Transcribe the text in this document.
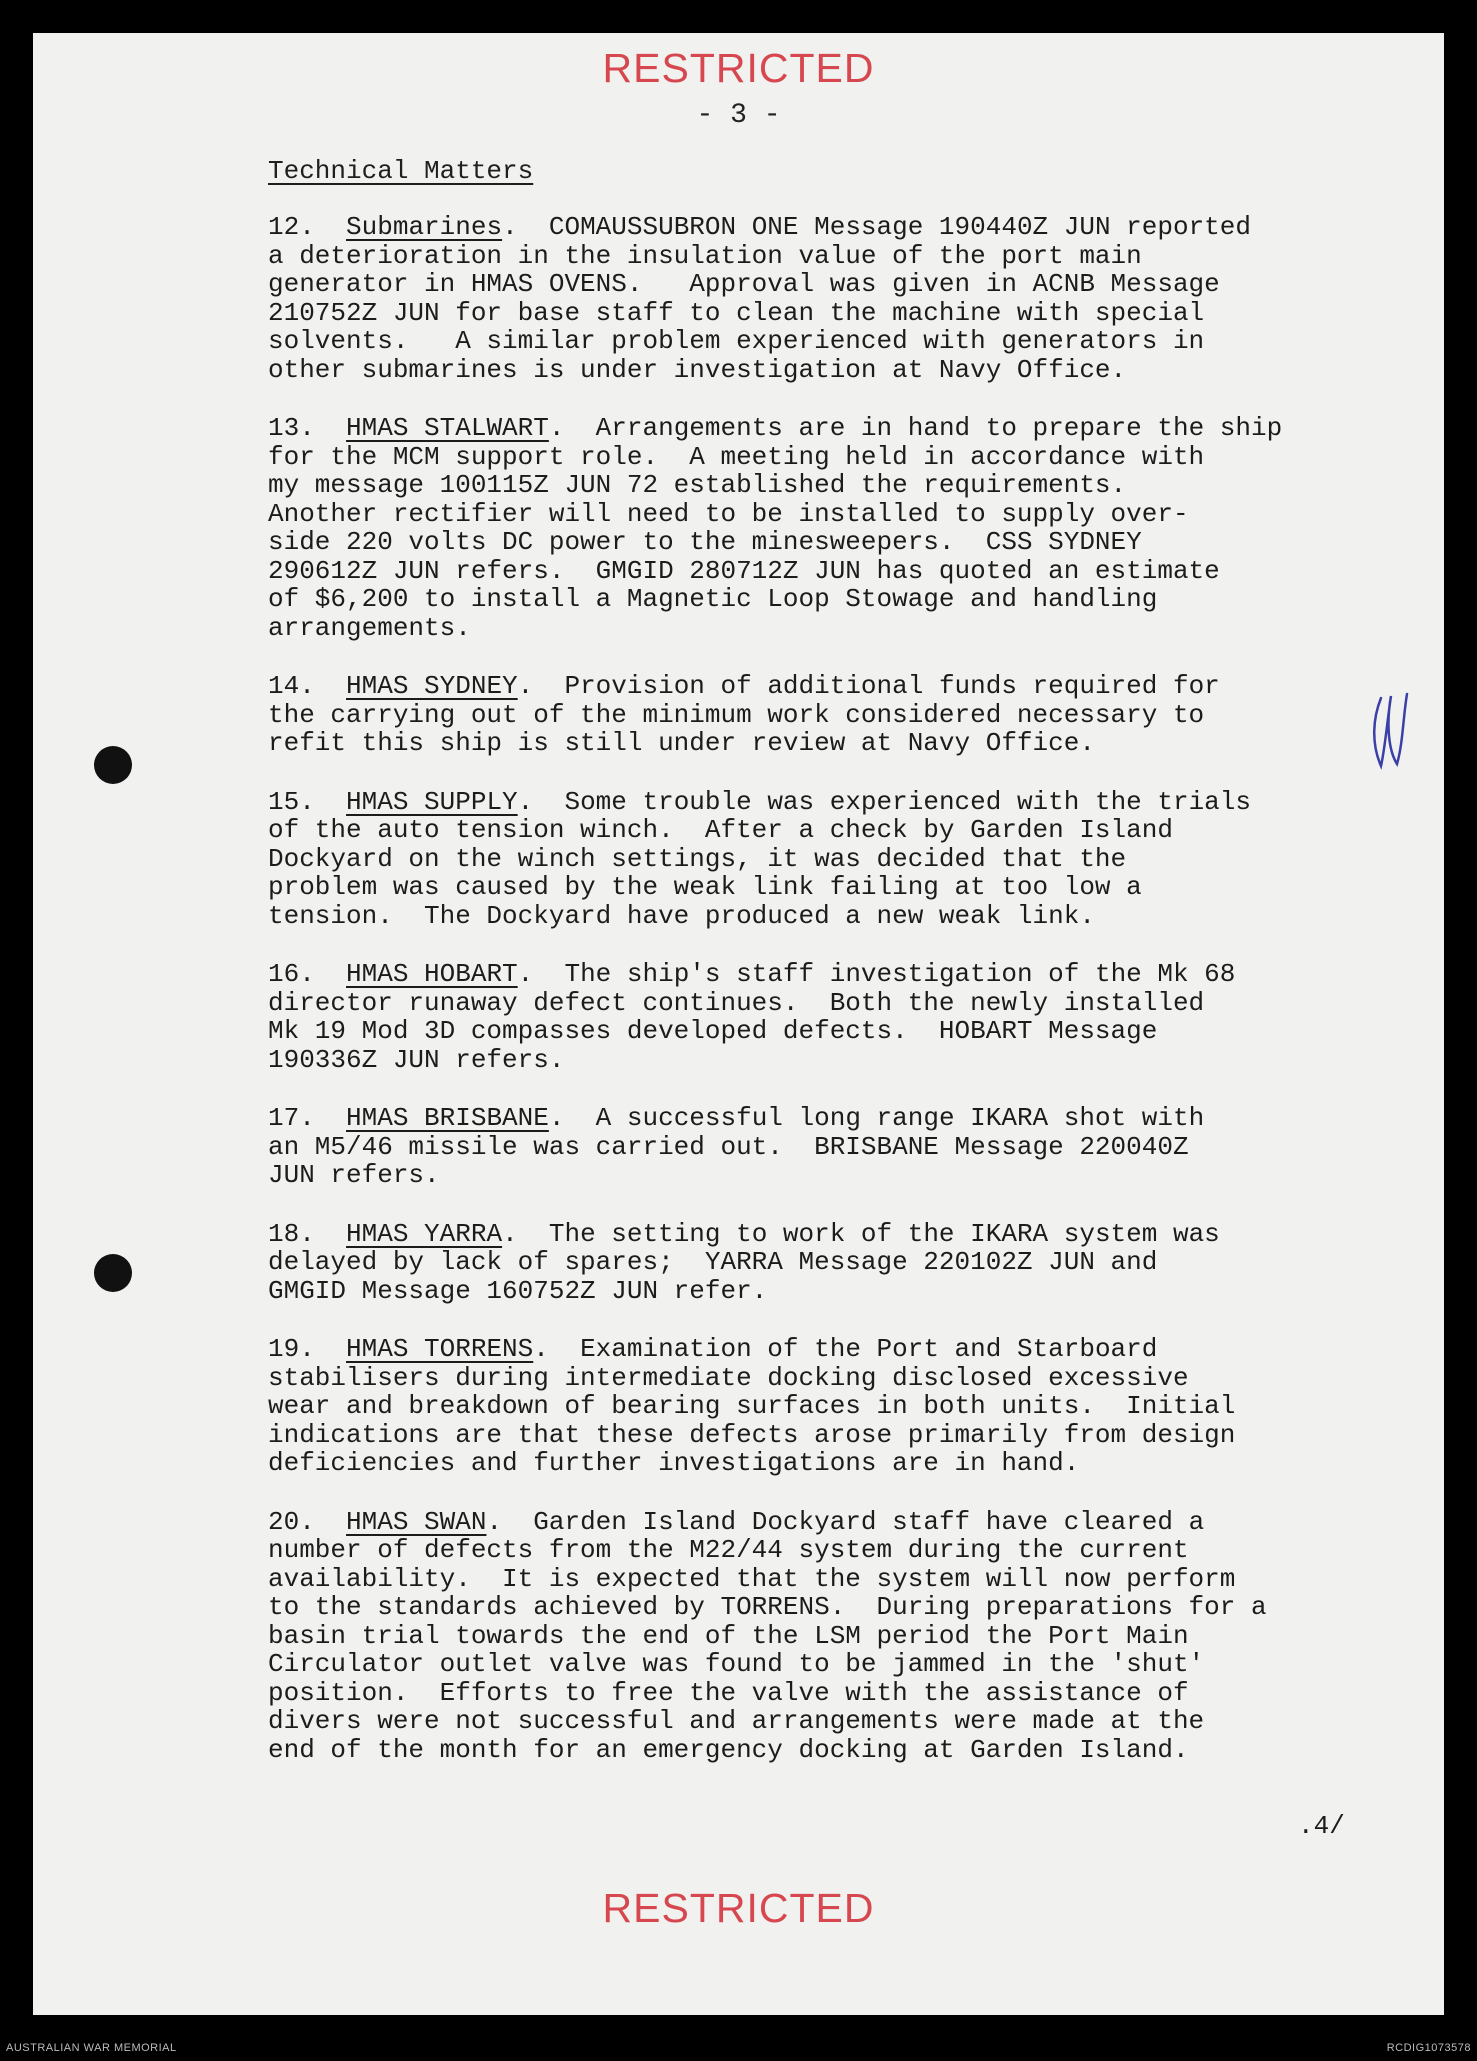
RESTRICTED
- 3 -
Technical Matters
12. Submarines.  COMAUSSUBRON ONE Message 190440Z JUN reported
a deterioration in the insulation value of the port main
generator in HMAS OVENS.   Approval was given in ACNB Message
210752Z JUN for base staff to clean the machine with special
solvents.   A similar problem experienced with generators in
other submarines is under investigation at Navy Office.
13. HMAS STALWART.  Arrangements are in hand to prepare the ship
for the MCM support role.  A meeting held in accordance with
my message 100115Z JUN 72 established the requirements.
Another rectifier will need to be installed to supply over-
side 220 volts DC power to the minesweepers.  CSS SYDNEY
290612Z JUN refers.  GMGID 280712Z JUN has quoted an estimate
of $6,200 to install a Magnetic Loop Stowage and handling
arrangements.
14. HMAS SYDNEY.  Provision of additional funds required for
the carrying out of the minimum work considered necessary to
refit this ship is still under review at Navy Office.
15. HMAS SUPPLY.  Some trouble was experienced with the trials
of the auto tension winch.  After a check by Garden Island
Dockyard on the winch settings, it was decided that the
problem was caused by the weak link failing at too low a
tension.  The Dockyard have produced a new weak link.
16. HMAS HOBART.  The ship's staff investigation of the Mk 68
director runaway defect continues.  Both the newly installed
Mk 19 Mod 3D compasses developed defects.  HOBART Message
190336Z JUN refers.
17. HMAS BRISBANE.  A successful long range IKARA shot with
an M5/46 missile was carried out.  BRISBANE Message 220040Z
JUN refers.
18. HMAS YARRA.  The setting to work of the IKARA system was
delayed by lack of spares;  YARRA Message 220102Z JUN and
GMGID Message 160752Z JUN refer.
19. HMAS TORRENS.  Examination of the Port and Starboard
stabilisers during intermediate docking disclosed excessive
wear and breakdown of bearing surfaces in both units.  Initial
indications are that these defects arose primarily from design
deficiencies and further investigations are in hand.
20. HMAS SWAN.  Garden Island Dockyard staff have cleared a
number of defects from the M22/44 system during the current
availability.  It is expected that the system will now perform
to the standards achieved by TORRENS.  During preparations for a
basin trial towards the end of the LSM period the Port Main
Circulator outlet valve was found to be jammed in the 'shut'
position.  Efforts to free the valve with the assistance of
divers were not successful and arrangements were made at the
end of the month for an emergency docking at Garden Island.
.4/
RESTRICTED
AUSTRALIAN WAR MEMORIAL	RCDIG1073578
